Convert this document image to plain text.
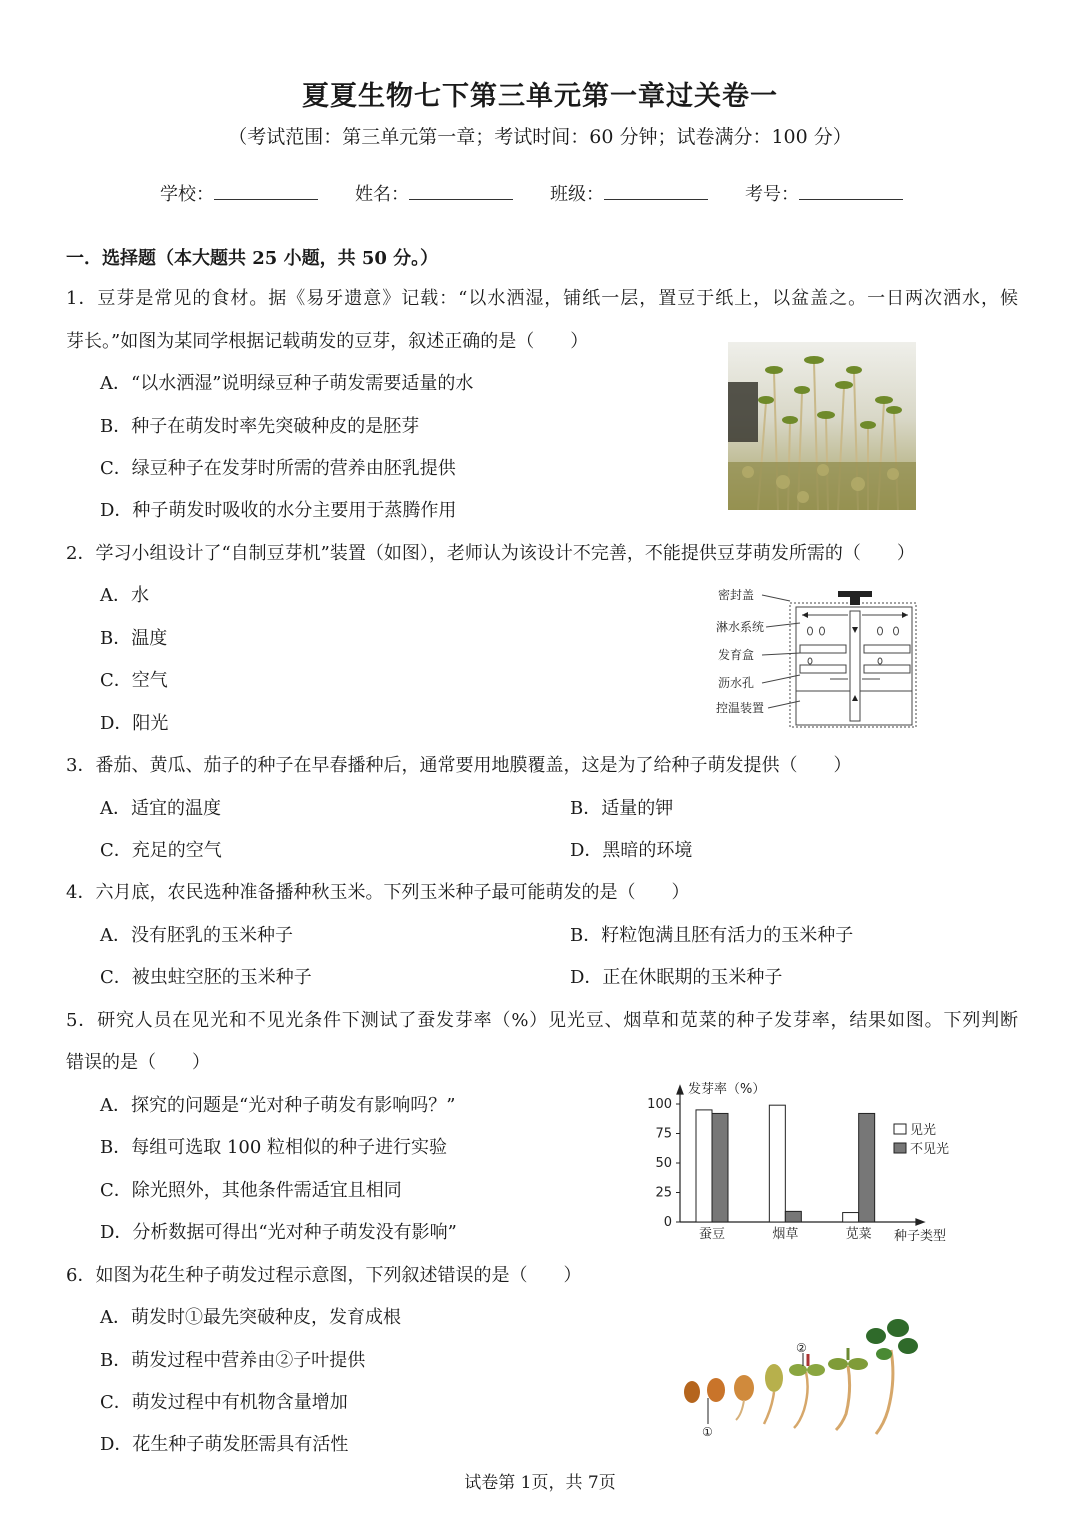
夏夏生物七下第三单元第一章过关卷一
（考试范围：第三单元第一章；考试时间：60 分钟；试卷满分：100 分）
学校：	姓名：	班级：	考号：
一．选择题（本大题共 25 小题，共 50 分。）
1．豆芽是常见的食材。据《易牙遗意》记载：“以水洒湿，铺纸一层，置豆于纸上，以盆盖之。一日两次洒水，候
芽长。”如图为某同学根据记载萌发的豆芽，叙述正确的是（　　）
A．“以水洒湿”说明绿豆种子萌发需要适量的水
B．种子在萌发时率先突破种皮的是胚芽
C．绿豆种子在发芽时所需的营养由胚乳提供
D．种子萌发时吸收的水分主要用于蒸腾作用
2．学习小组设计了“自制豆芽机”装置（如图），老师认为该设计不完善，不能提供豆芽萌发所需的（　　）
A．水
B．温度
C．空气
D．阳光
密封盖
淋水系统
发育盒
沥水孔
控温装置
3．番茄、黄瓜、茄子的种子在早春播种后，通常要用地膜覆盖，这是为了给种子萌发提供（　　）
A．适宜的温度	B．适量的钾
C．充足的空气	D．黑暗的环境
4．六月底，农民选种准备播种秋玉米。下列玉米种子最可能萌发的是（　　）
A．没有胚乳的玉米种子	B．籽粒饱满且胚有活力的玉米种子
C．被虫蛀空胚的玉米种子	D．正在休眠期的玉米种子
5．研究人员在见光和不见光条件下测试了蚕发芽率（%）见光豆、烟草和苋菜的种子发芽率，结果如图。下列判断
错误的是（　　）
A．探究的问题是“光对种子萌发有影响吗？”
B．每组可选取 100 粒相似的种子进行实验
C．除光照外，其他条件需适宜且相同
D．分析数据可得出“光对种子萌发没有影响”
发芽率（%）
种子类型
0
25
50
75
100
蚕豆	烟草	苋菜
见光
不见光
6．如图为花生种子萌发过程示意图，下列叙述错误的是（　　）
A．萌发时①最先突破种皮，发育成根
B．萌发过程中营养由②子叶提供
C．萌发过程中有机物含量增加
D．花生种子萌发胚需具有活性
①
②
试卷第 1页，共 7页
